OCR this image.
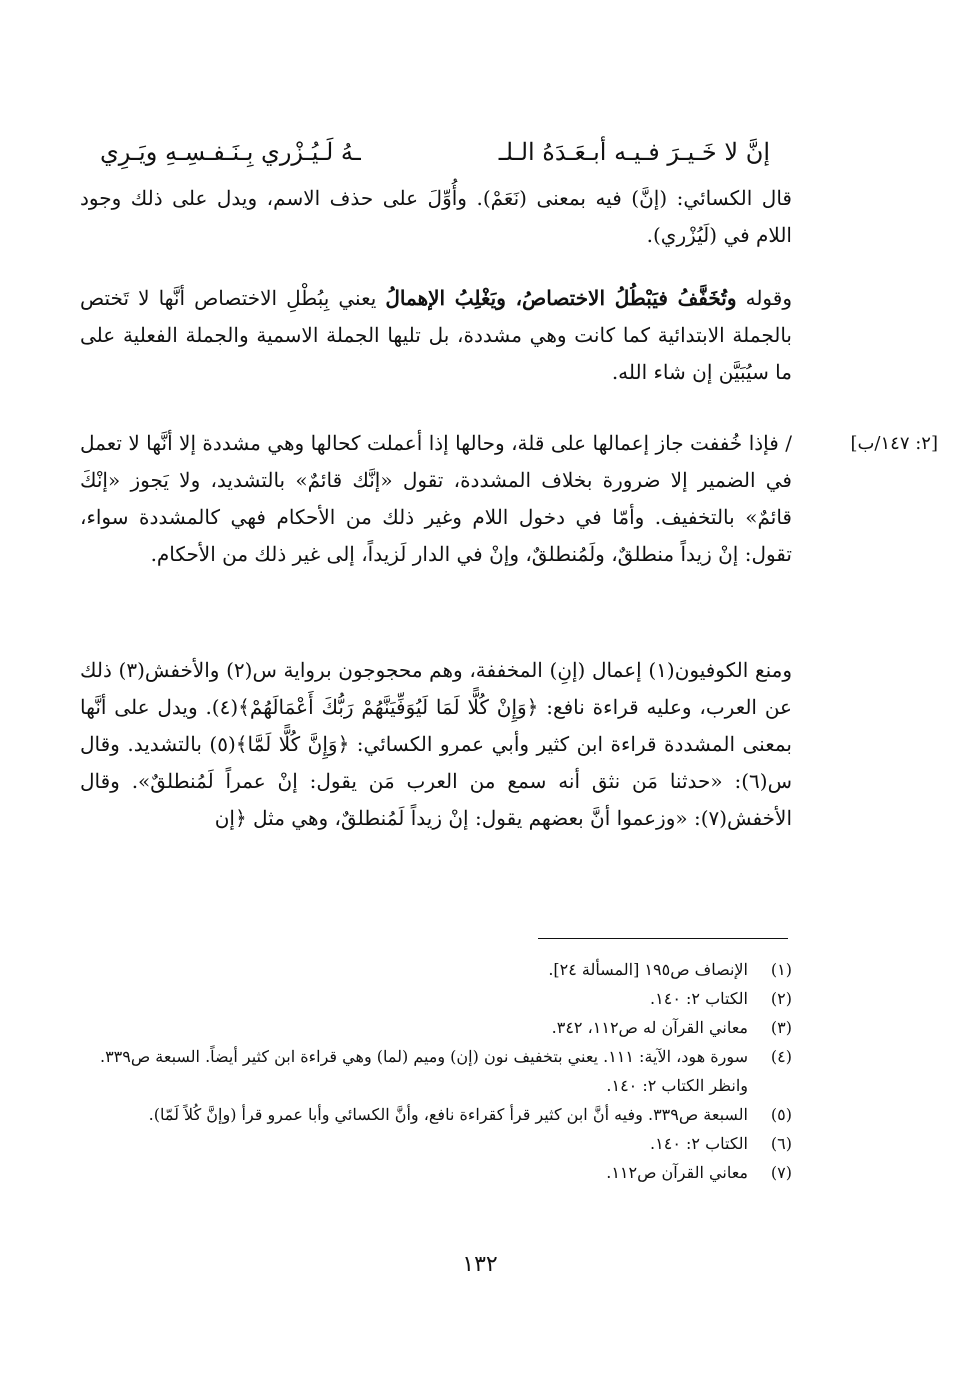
إنَّ لا خَـيـرَ فـيـه أبـعَـدَهُ الـلـ
ـهُ لَـيُـزْري بِـنَـفـسِـهِ ويَـرِي

قال الكسائي: (إنَّ) فيه بمعنى (نَعَمْ). وأُوِّلَ على حذف الاسم، ويدل على ذلك وجود اللام في (لَيُزْري).

وقوله وتُخَفَّفُ فيَبْطُلُ الاختصاصُ، ويَغْلِبُ الإهمالُ يعني بِبُطْلِ الاختصاص أنَّها لا تَختص بالجملة الابتدائية كما كانت وهي مشددة، بل تليها الجملة الاسمية والجملة الفعلية على ما سيُبَيَّن إن شاء الله.

[٢: ١٤٧/ب]

/ فإذا خُففت جاز إعمالها على قلة، وحالها إذا أعملت كحالها وهي مشددة إلا أنَّها لا تعمل في الضمير إلا ضرورة بخلاف المشددة، تقول «إنَّك قائمٌ» بالتشديد، ولا يَجوز «إنْكَ قائمٌ» بالتخفيف. وأمّا في دخول اللام وغير ذلك من الأحكام فهي كالمشددة سواء، تقول: إنْ زيداً منطلقٌ، ولَمُنطلقٌ، وإنْ في الدار لَزيداً، إلى غير ذلك من الأحكام.

ومنع الكوفيون(١) إعمال (إنِ) المخففة، وهم محجوجون برواية س(٢) والأخفش(٣) ذلك عن العرب، وعليه قراءة نافع: ﴿وَإِنْ كُلًّا لَمَا لَيُوَفِّيَنَّهُمْ رَبُّكَ أَعْمَالَهُمْ﴾(٤). ويدل على أنَّها بمعنى المشددة قراءة ابن كثير وأبي عمرو الكسائي: ﴿وَإِنَّ كُلًّا لَمَّا﴾(٥) بالتشديد. وقال س(٦): «حدثنا مَن نثق أنه سمع من العرب مَن يقول: إنْ عمراً لَمُنطلقٌ». وقال الأخفش(٧): «وزعموا أنَّ بعضهم يقول: إنْ زيداً لَمُنطلقٌ، وهي مثل ﴿إن

(١)
الإنصاف ص١٩٥ [المسألة ٢٤].
(٢)
الكتاب ٢: ١٤٠.
(٣)
معاني القرآن له ص١١٢، ٣٤٢.
(٤)
سورة هود، الآية: ١١١. يعني بتخفيف نون (إن) وميم (لما) وهي قراءة ابن كثير أيضاً. السبعة ص٣٣٩. وانظر الكتاب ٢: ١٤٠.
(٥)
السبعة ص٣٣٩. وفيه أنَّ ابن كثير قرأ كقراءة نافع، وأنَّ الكسائي وأبا عمرو قرأ (وإنَّ كُلاً لَمّا).
(٦)
الكتاب ٢: ١٤٠.
(٧)
معاني القرآن ص١١٢.
١٣٢
